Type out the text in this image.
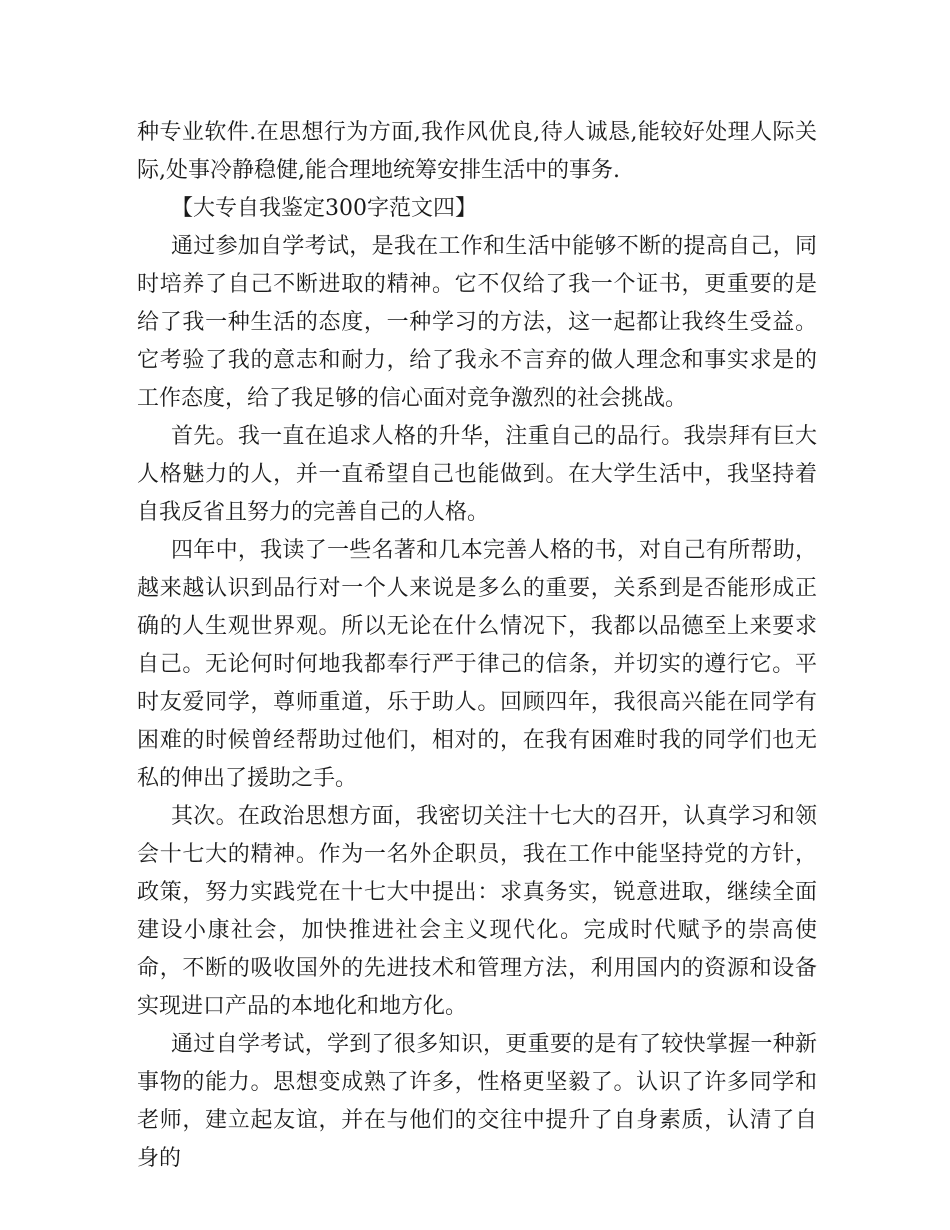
种专业软件.在思想行为方面,我作风优良,待人诚恳,能较好处理人际关际,处事冷静稳健,能合理地统筹安排生活中的事务.

【大专自我鉴定300字范文四】

通过参加自学考试，是我在工作和生活中能够不断的提高自己，同时培养了自己不断进取的精神。它不仅给了我一个证书，更重要的是给了我一种生活的态度，一种学习的方法，这一起都让我终生受益。它考验了我的意志和耐力，给了我永不言弃的做人理念和事实求是的工作态度，给了我足够的信心面对竞争激烈的社会挑战。

首先。我一直在追求人格的升华，注重自己的品行。我崇拜有巨大人格魅力的人，并一直希望自己也能做到。在大学生活中，我坚持着自我反省且努力的完善自己的人格。

四年中，我读了一些名著和几本完善人格的书，对自己有所帮助，越来越认识到品行对一个人来说是多么的重要，关系到是否能形成正确的人生观世界观。所以无论在什么情况下，我都以品德至上来要求自己。无论何时何地我都奉行严于律己的信条，并切实的遵行它。平时友爱同学，尊师重道，乐于助人。回顾四年，我很高兴能在同学有困难的时候曾经帮助过他们，相对的，在我有困难时我的同学们也无私的伸出了援助之手。

其次。在政治思想方面，我密切关注十七大的召开，认真学习和领会十七大的精神。作为一名外企职员，我在工作中能坚持党的方针，政策，努力实践党在十七大中提出：求真务实，锐意进取，继续全面建设小康社会，加快推进社会主义现代化。完成时代赋予的崇高使命，不断的吸收国外的先进技术和管理方法，利用国内的资源和设备实现进口产品的本地化和地方化。

通过自学考试，学到了很多知识，更重要的是有了较快掌握一种新事物的能力。思想变成熟了许多，性格更坚毅了。认识了许多同学和老师，建立起友谊，并在与他们的交往中提升了自身素质，认清了自身的
